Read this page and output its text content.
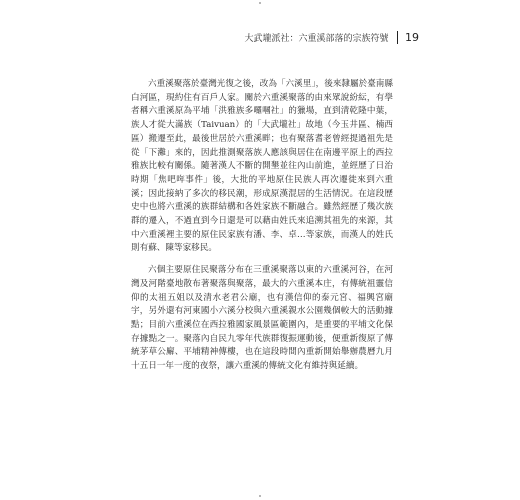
大武壠派社：六重溪部落的宗族符號 19

六重溪聚落於臺灣光復之後，改為「六溪里」，後來隸屬於臺南縣白河區，現約住有百戶人家。關於六重溪聚落的由來眾說紛紜，有學者稱六重溪原為平埔「洪雅族多囉嘓社」的獵場，直到清乾隆中葉，族人才從大滿族（Taivuan）的「大武壠社」故地（今玉井區、楠西區）搬遷至此，最後世居於六重溪畔；也有聚落耆老曾經提過祖先是從「下灘」來的，因此推測聚落族人應該與居住在南邊平原上的西拉雅族比較有關係。隨著漢人不斷的開墾並往內山前進，並經歷了日治時期「焦吧哖事件」後，大批的平地原住民族人再次遷徙來到六重溪；因此接納了多次的移民潮，形成原漢混居的生活情況。在這段歷史中也將六重溪的族群結構和各姓家族不斷融合。雖然經歷了幾次族群的遷入，不過直到今日還是可以藉由姓氏來追溯其祖先的來源，其中六重溪裡主要的原住民家族有潘、李、卓…等家族，而漢人的姓氏則有蘇、陳等家移民。

六個主要原住民聚落分布在三重溪聚落以東的六重溪河谷，在河灣及河階臺地散布著聚落與聚落，最大的六重溪本庄，有傳統祖靈信仰的太祖五姐以及清水老君公廟，也有漢信仰的泰元宮、福興宮廟宇，另外還有河東國小六溪分校與六重溪親水公園幾個較大的活動據點；目前六重溪位在西拉雅國家風景區範圍內，是重要的平埔文化保存據點之一。聚落內自民九零年代族群復振運動後，便重新復原了傳統茅草公廨、平埔精神傳樓，也在這段時間內重新開始舉辦農曆九月十五日一年一度的夜祭，讓六重溪的傳統文化有維持與延續。
